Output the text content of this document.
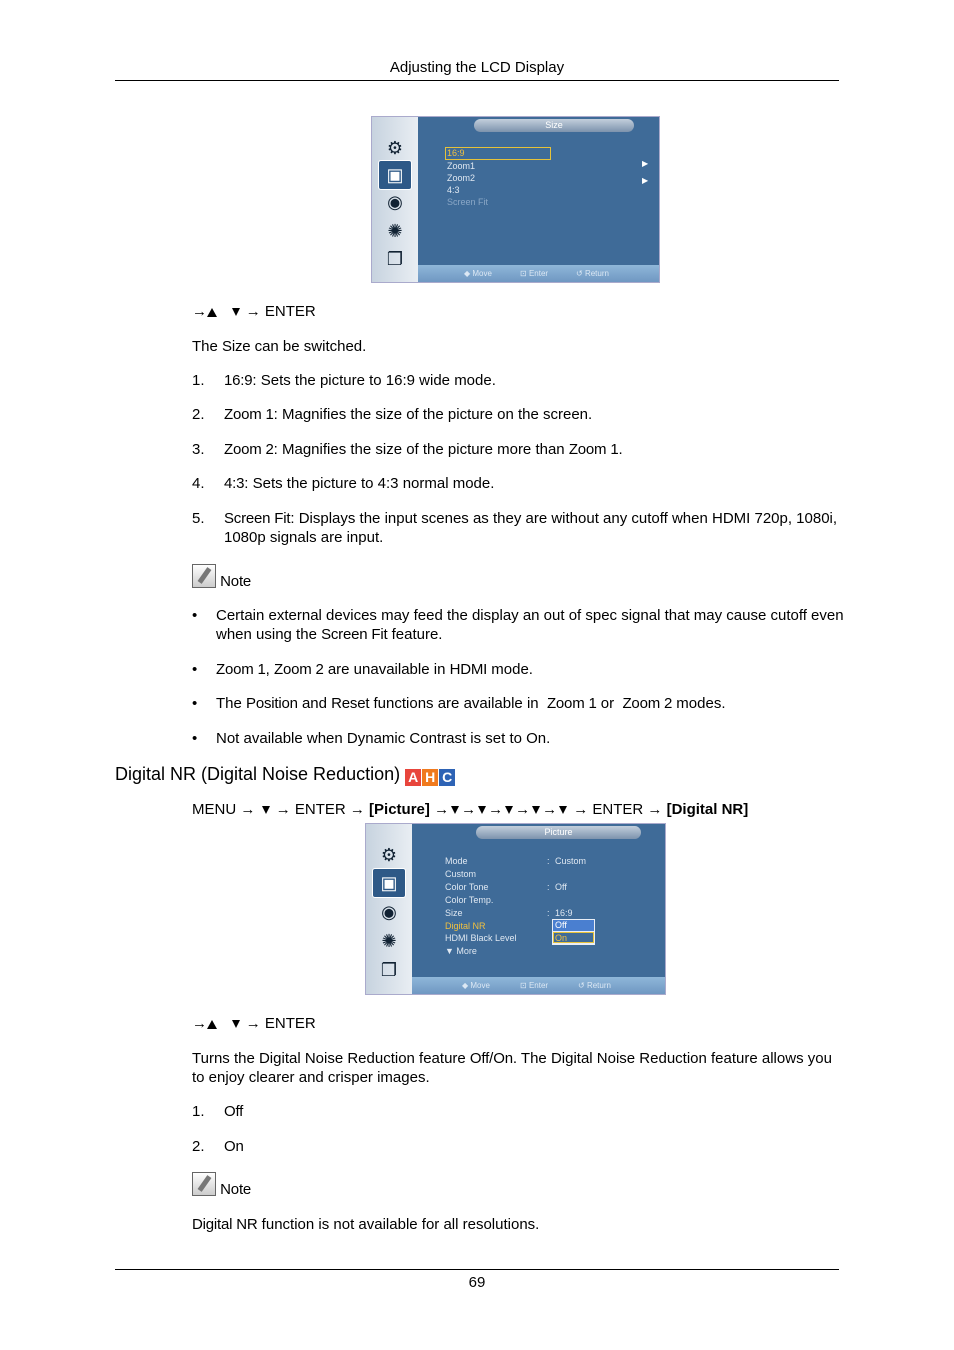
Adjusting the LCD Display
⚙
▣
◉
✺
❐
Size
16:9
Zoom1
Zoom2
4:3
Screen Fit
▶
▶
◆ Move	⊡ Enter	↺ Return
→	→ ENTER
The Size can be switched.
1. 16:9: Sets the picture to 16:9 wide mode.
2. Zoom 1: Magnifies the size of the picture on the screen.
3. Zoom 2: Magnifies the size of the picture more than Zoom 1.
4. 4:3: Sets the picture to 4:3 normal mode.
5. Screen Fit: Displays the input scenes as they are without any cutoff when HDMI 720p, 1080i, 1080p signals are input.
Note
• Certain external devices may feed the display an out of spec signal that may cause cutoff even when using the Screen Fit feature.
• Zoom 1, Zoom 2 are unavailable in HDMI mode.
• The Position and Reset functions are available in  Zoom 1 or  Zoom 2 modes.
• Not available when Dynamic Contrast is set to On.
Digital NR (Digital Noise Reduction) A H C
MENU → → ENTER → [Picture] → → → → → → ENTER → [Digital NR]
⚙
▣
◉
✺
❐
Picture
Mode	: Custom
Custom
Color Tone	: Off
Color Temp.
Size	: 16:9
Digital NR	Off
On
HDMI Black Level
▼ More
◆ Move	⊡ Enter	↺ Return
→	→ ENTER
Turns the Digital Noise Reduction feature Off/On. The Digital Noise Reduction feature allows you to enjoy clearer and crisper images.
1. Off
2. On
Note
Digital NR function is not available for all resolutions.
69
